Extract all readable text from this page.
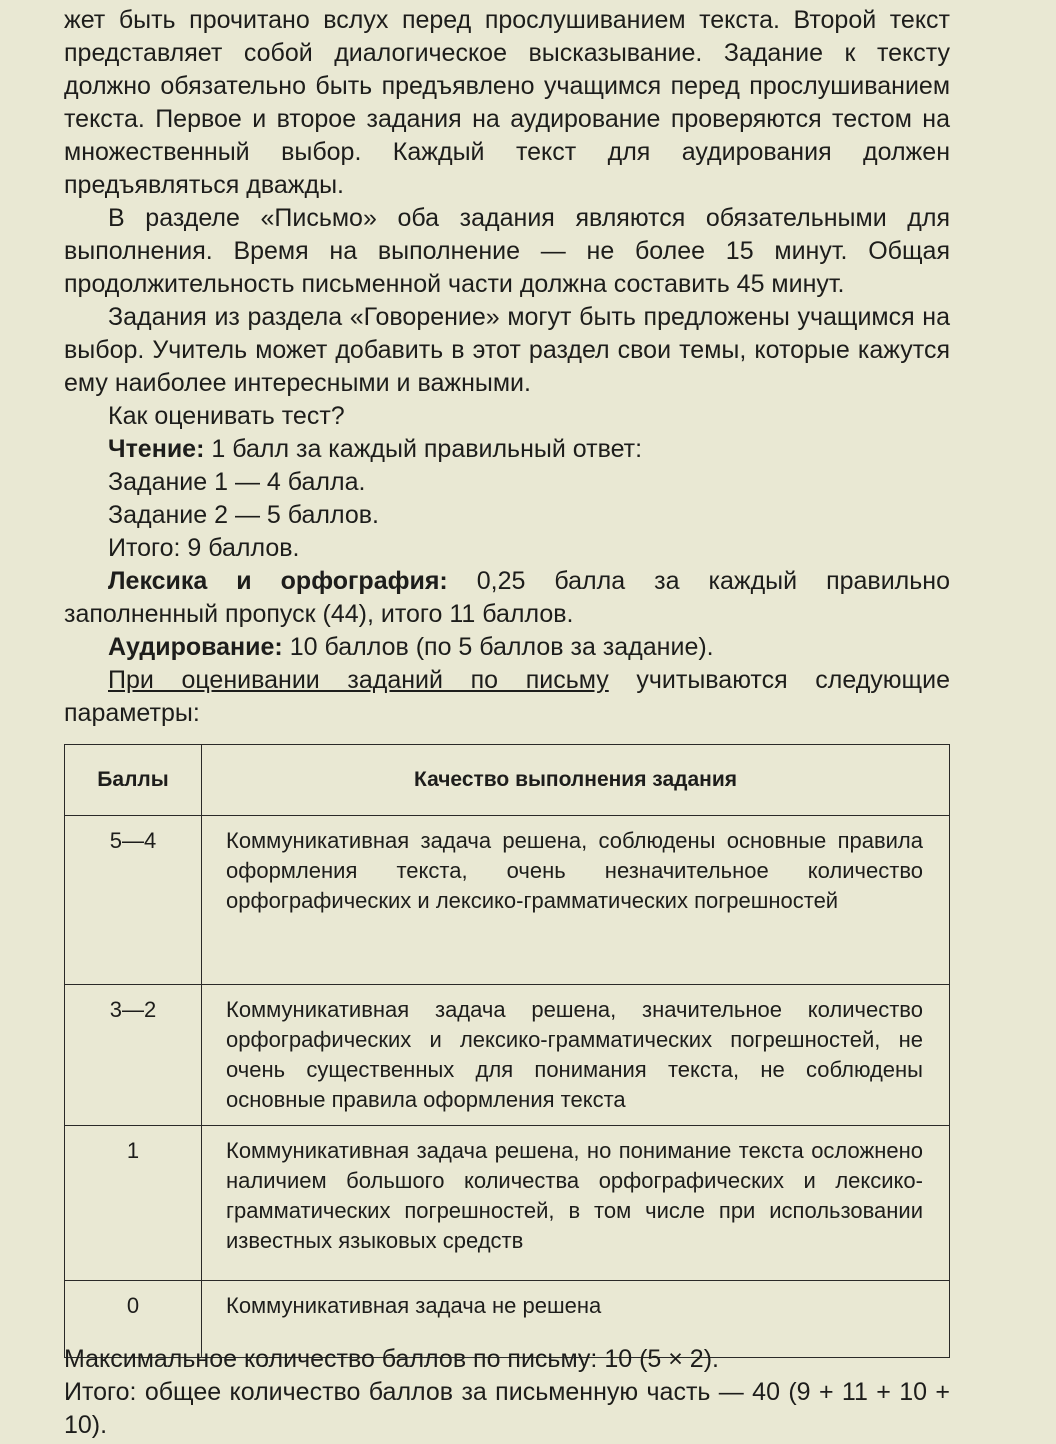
жет быть прочитано вслух перед прослушиванием текста. Второй текст представляет собой диалогическое высказывание. Задание к тексту должно обязательно быть предъявлено учащимся перед прослушиванием текста. Первое и второе задания на аудирование проверяются тестом на множественный выбор. Каждый текст для аудирования должен предъявляться дважды.

В разделе «Письмо» оба задания являются обязательными для выполнения. Время на выполнение — не более 15 минут. Общая продолжительность письменной части должна составить 45 минут.

Задания из раздела «Говорение» могут быть предложены учащимся на выбор. Учитель может добавить в этот раздел свои темы, которые кажутся ему наиболее интересными и важными.

Как оценивать тест?

Чтение: 1 балл за каждый правильный ответ:

Задание 1 — 4 балла.

Задание 2 — 5 баллов.

Итого: 9 баллов.

Лексика и орфография: 0,25 балла за каждый правильно заполненный пропуск (44), итого 11 баллов.

Аудирование: 10 баллов (по 5 баллов за задание).

При оценивании заданий по письму учитываются следующие параметры:

Баллы	Качество выполнения задания
5—4	Коммуникативная задача решена, соблюдены основные правила оформления текста, очень незначительное количество орфографических и лексико-грамматических погрешностей
3—2	Коммуникативная задача решена, значительное количество орфографических и лексико-грамматических погрешностей, не очень существенных для понимания текста, не соблюдены основные правила оформления текста
1	Коммуникативная задача решена, но понимание текста осложнено наличием большого количества орфографических и лексико-грамматических погрешностей, в том числе при использовании известных языковых средств
0	Коммуникативная задача не решена

Максимальное количество баллов по письму: 10 (5 × 2).

Итого: общее количество баллов за письменную часть — 40 (9 + 11 + 10 + 10).
